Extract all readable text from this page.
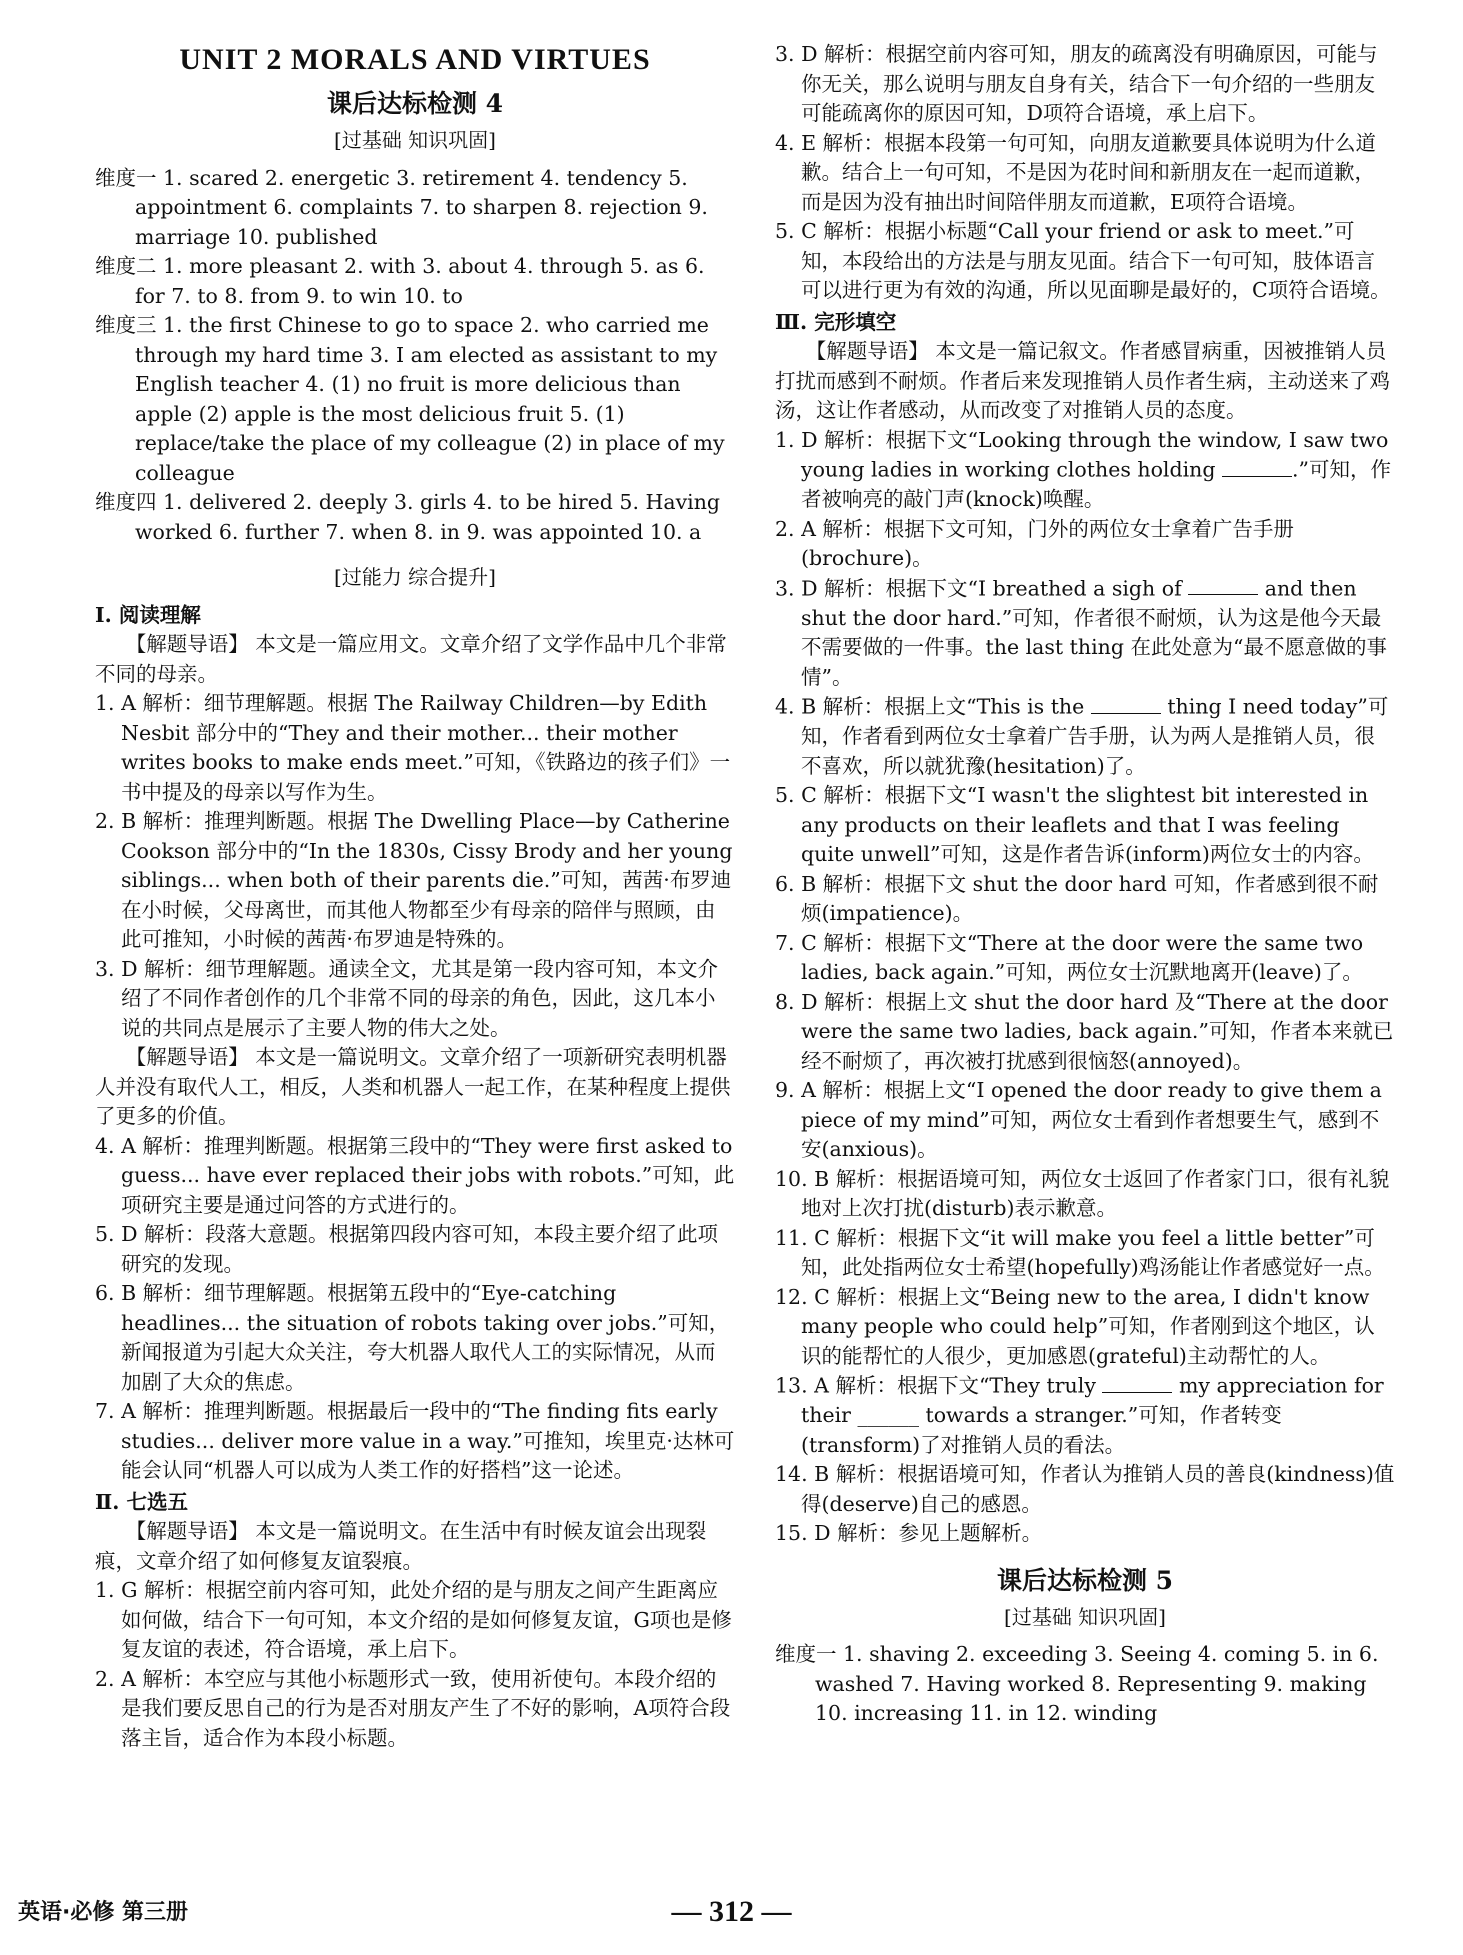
UNIT 2 MORALS AND VIRTUES
课后达标检测 4
[过基础 知识巩固]

维度一 1. scared 2. energetic 3. retirement 4. tendency 5. appointment 6. complaints 7. to sharpen 8. rejection 9. marriage 10. published

维度二 1. more pleasant 2. with 3. about 4. through 5. as 6. for 7. to 8. from 9. to win 10. to

维度三 1. the first Chinese to go to space 2. who carried me through my hard time 3. I am elected as assistant to my English teacher 4. (1) no fruit is more delicious than apple (2) apple is the most delicious fruit 5. (1) replace/take the place of my colleague (2) in place of my colleague

维度四 1. delivered 2. deeply 3. girls 4. to be hired 5. Having worked 6. further 7. when 8. in 9. was appointed 10. a

[过能力 综合提升]

Ⅰ. 阅读理解

【解题导语】 本文是一篇应用文。文章介绍了文学作品中几个非常不同的母亲。

1. A 解析：细节理解题。根据 The Railway Children—by Edith Nesbit 部分中的“They and their mother... their mother writes books to make ends meet.”可知，《铁路边的孩子们》一书中提及的母亲以写作为生。

2. B 解析：推理判断题。根据 The Dwelling Place—by Catherine Cookson 部分中的“In the 1830s, Cissy Brody and her young siblings... when both of their parents die.”可知，茜茜·布罗迪在小时候，父母离世，而其他人物都至少有母亲的陪伴与照顾，由此可推知，小时候的茜茜·布罗迪是特殊的。

3. D 解析：细节理解题。通读全文，尤其是第一段内容可知，本文介绍了不同作者创作的几个非常不同的母亲的角色，因此，这几本小说的共同点是展示了主要人物的伟大之处。

【解题导语】 本文是一篇说明文。文章介绍了一项新研究表明机器人并没有取代人工，相反，人类和机器人一起工作，在某种程度上提供了更多的价值。

4. A 解析：推理判断题。根据第三段中的“They were first asked to guess... have ever replaced their jobs with robots.”可知，此项研究主要是通过问答的方式进行的。

5. D 解析：段落大意题。根据第四段内容可知，本段主要介绍了此项研究的发现。

6. B 解析：细节理解题。根据第五段中的“Eye-catching headlines... the situation of robots taking over jobs.”可知，新闻报道为引起大众关注，夸大机器人取代人工的实际情况，从而加剧了大众的焦虑。

7. A 解析：推理判断题。根据最后一段中的“The finding fits early studies... deliver more value in a way.”可推知，埃里克·达林可能会认同“机器人可以成为人类工作的好搭档”这一论述。

Ⅱ. 七选五

【解题导语】 本文是一篇说明文。在生活中有时候友谊会出现裂痕，文章介绍了如何修复友谊裂痕。

1. G 解析：根据空前内容可知，此处介绍的是与朋友之间产生距离应如何做，结合下一句可知，本文介绍的是如何修复友谊，G项也是修复友谊的表述，符合语境，承上启下。

2. A 解析：本空应与其他小标题形式一致，使用祈使句。本段介绍的是我们要反思自己的行为是否对朋友产生了不好的影响，A项符合段落主旨，适合作为本段小标题。

3. D 解析：根据空前内容可知，朋友的疏离没有明确原因，可能与你无关，那么说明与朋友自身有关，结合下一句介绍的一些朋友可能疏离你的原因可知，D项符合语境，承上启下。

4. E 解析：根据本段第一句可知，向朋友道歉要具体说明为什么道歉。结合上一句可知，不是因为花时间和新朋友在一起而道歉，而是因为没有抽出时间陪伴朋友而道歉，E项符合语境。

5. C 解析：根据小标题“Call your friend or ask to meet.”可知，本段给出的方法是与朋友见面。结合下一句可知，肢体语言可以进行更为有效的沟通，所以见面聊是最好的，C项符合语境。

Ⅲ. 完形填空

【解题导语】 本文是一篇记叙文。作者感冒病重，因被推销人员打扰而感到不耐烦。作者后来发现推销人员作者生病，主动送来了鸡汤，这让作者感动，从而改变了对推销人员的态度。

1. D 解析：根据下文“Looking through the window, I saw two young ladies in working clothes holding	.”可知，作者被响亮的敲门声(knock)唤醒。

2. A 解析：根据下文可知，门外的两位女士拿着广告手册(brochure)。

3. D 解析：根据下文“I breathed a sigh of	and then shut the door hard.”可知，作者很不耐烦，认为这是他今天最不需要做的一件事。the last thing 在此处意为“最不愿意做的事情”。

4. B 解析：根据上文“This is the	thing I need today”可知，作者看到两位女士拿着广告手册，认为两人是推销人员，很不喜欢，所以就犹豫(hesitation)了。

5. C 解析：根据下文“I wasn't the slightest bit interested in any products on their leaflets and that I was feeling quite unwell”可知，这是作者告诉(inform)两位女士的内容。

6. B 解析：根据下文 shut the door hard 可知，作者感到很不耐烦(impatience)。

7. C 解析：根据下文“There at the door were the same two ladies, back again.”可知，两位女士沉默地离开(leave)了。

8. D 解析：根据上文 shut the door hard 及“There at the door were the same two ladies, back again.”可知，作者本来就已经不耐烦了，再次被打扰感到很恼怒(annoyed)。

9. A 解析：根据上文“I opened the door ready to give them a piece of my mind”可知，两位女士看到作者想要生气，感到不安(anxious)。

10. B 解析：根据语境可知，两位女士返回了作者家门口，很有礼貌地对上次打扰(disturb)表示歉意。

11. C 解析：根据下文“it will make you feel a little better”可知，此处指两位女士希望(hopefully)鸡汤能让作者感觉好一点。

12. C 解析：根据上文“Being new to the area, I didn't know many people who could help”可知，作者刚到这个地区，认识的能帮忙的人很少，更加感恩(grateful)主动帮忙的人。

13. A 解析：根据下文“They truly	my appreciation for their ______ towards a stranger.”可知，作者转变(transform)了对推销人员的看法。

14. B 解析：根据语境可知，作者认为推销人员的善良(kindness)值得(deserve)自己的感恩。

15. D 解析：参见上题解析。

课后达标检测 5
[过基础 知识巩固]

维度一 1. shaving 2. exceeding 3. Seeing 4. coming 5. in 6. washed 7. Having worked 8. Representing 9. making 10. increasing 11. in 12. winding

英语·必修 第三册	— 312 —
